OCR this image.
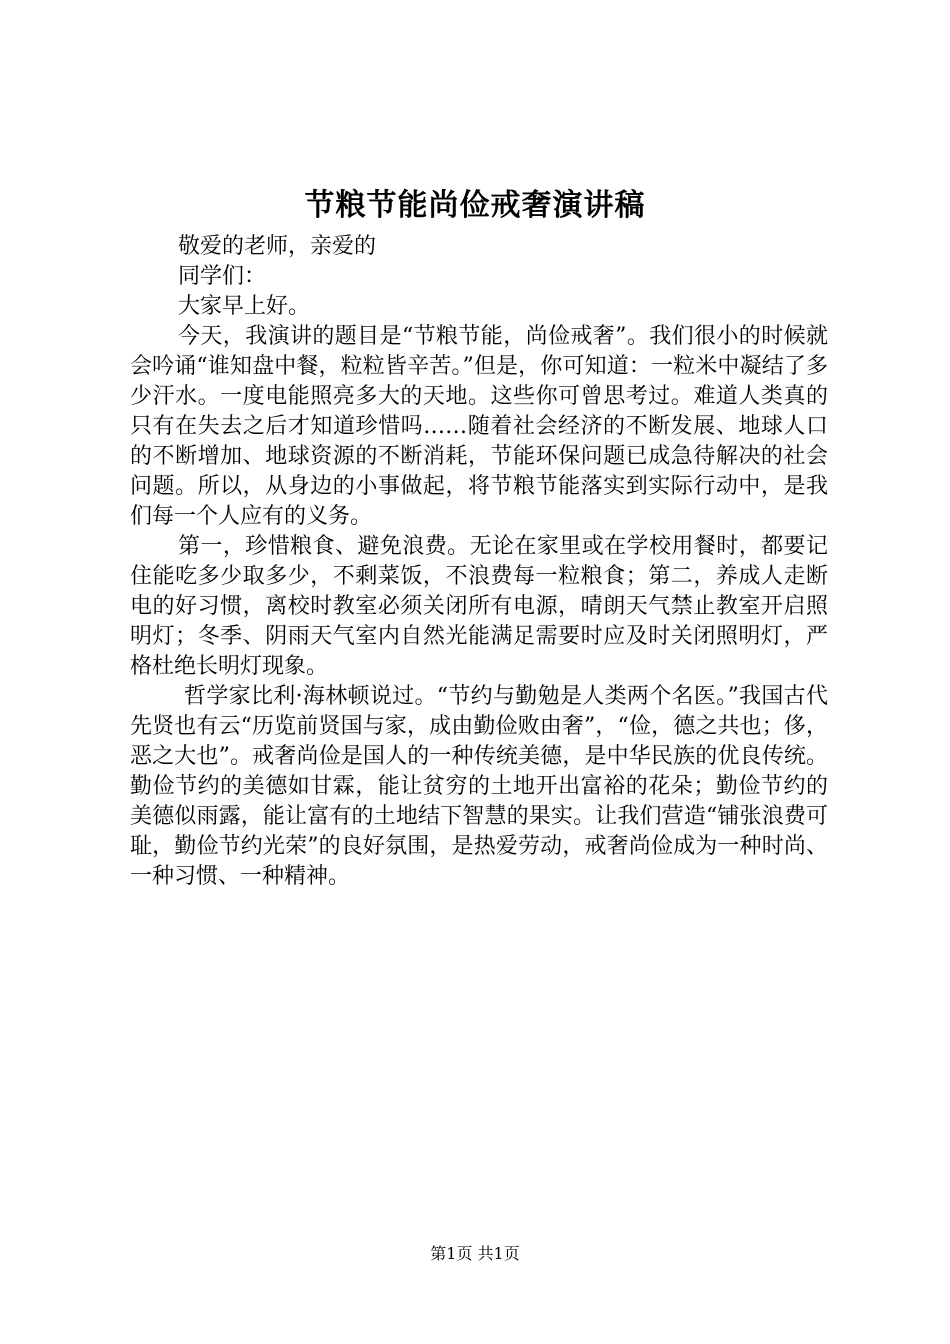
节粮节能尚俭戒奢演讲稿

敬爱的老师，亲爱的

同学们：

大家早上好。

今天，我演讲的题目是“节粮节能，尚俭戒奢”。我们很小的时候就会吟诵“谁知盘中餐，粒粒皆辛苦。”但是，你可知道：一粒米中凝结了多少汗水。一度电能照亮多大的天地。这些你可曾思考过。难道人类真的只有在失去之后才知道珍惜吗……随着社会经济的不断发展、地球人口的不断增加、地球资源的不断消耗，节能环保问题已成急待解决的社会问题。所以，从身边的小事做起，将节粮节能落实到实际行动中，是我们每一个人应有的义务。

第一，珍惜粮食、避免浪费。无论在家里或在学校用餐时，都要记住能吃多少取多少，不剩菜饭，不浪费每一粒粮食；第二，养成人走断电的好习惯，离校时教室必须关闭所有电源，晴朗天气禁止教室开启照明灯；冬季、阴雨天气室内自然光能满足需要时应及时关闭照明灯，严格杜绝长明灯现象。

哲学家比利·海林顿说过。“节约与勤勉是人类两个名医。”我国古代先贤也有云“历览前贤国与家，成由勤俭败由奢”，“俭，德之共也；侈，恶之大也”。戒奢尚俭是国人的一种传统美德，是中华民族的优良传统。勤俭节约的美德如甘霖，能让贫穷的土地开出富裕的花朵；勤俭节约的美德似雨露，能让富有的土地结下智慧的果实。让我们营造“铺张浪费可耻，勤俭节约光荣”的良好氛围，是热爱劳动，戒奢尚俭成为一种时尚、一种习惯、一种精神。

第1页 共1页
